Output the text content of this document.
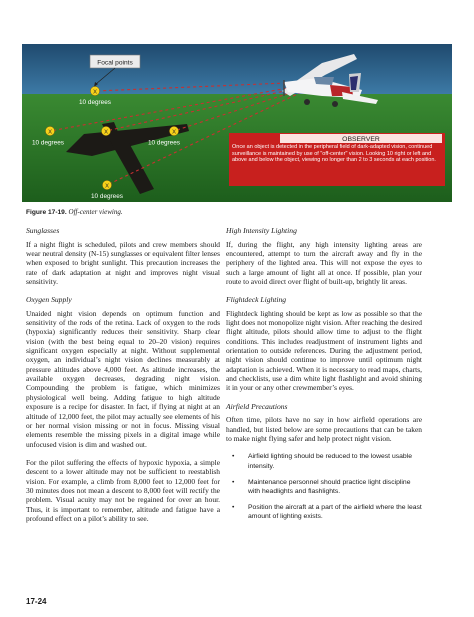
Focal points
X
10 degrees
X
10 degrees
X	X
10 degrees
X
10 degrees
OBSERVER
Once an object is detected in the peripheral field of dark-adapted vision, continued surveillance is maintained by use of "off-center" vision. Looking 10 right or left and above and below the object, viewing no longer than 2 to 3 seconds at each position.
Figure 17-19. Off-center viewing.
Sunglasses

If a night flight is scheduled, pilots and crew members should wear neutral density (N-15) sunglasses or equivalent filter lenses when exposed to bright sunlight. This precaution increases the rate of dark adaptation at night and improves night visual sensitivity.

Oxygen Supply

Unaided night vision depends on optimum function and sensitivity of the rods of the retina. Lack of oxygen to the rods (hypoxia) significantly reduces their sensitivity. Sharp clear vision (with the best being equal to 20–20 vision) requires significant oxygen especially at night. Without supplemental oxygen, an individual’s night vision declines measurably at pressure altitudes above 4,000 feet. As altitude increases, the available oxygen decreases, degrading night vision. Compounding the problem is fatigue, which minimizes physiological well being. Adding fatigue to high altitude exposure is a recipe for disaster. In fact, if flying at night at an altitude of 12,000 feet, the pilot may actually see elements of his or her normal vision missing or not in focus. Missing visual elements resemble the missing pixels in a digital image while unfocused vision is dim and washed out.

For the pilot suffering the effects of hypoxic hypoxia, a simple descent to a lower altitude may not be sufficient to reestablish vision. For example, a climb from 8,000 feet to 12,000 feet for 30 minutes does not mean a descent to 8,000 feet will rectify the problem. Visual acuity may not be regained for over an hour. Thus, it is important to remember, altitude and fatigue have a profound effect on a pilot’s ability to see.

High Intensity Lighting

If, during the flight, any high intensity lighting areas are encountered, attempt to turn the aircraft away and fly in the periphery of the lighted area. This will not expose the eyes to such a large amount of light all at once. If possible, plan your route to avoid direct over flight of built-up, brightly lit areas.

Flightdeck Lighting

Flightdeck lighting should be kept as low as possible so that the light does not monopolize night vision. After reaching the desired flight altitude, pilots should allow time to adjust to the flight conditions. This includes readjustment of instrument lights and orientation to outside references. During the adjustment period, night vision should continue to improve until optimum night adaptation is achieved. When it is necessary to read maps, charts, and checklists, use a dim white light flashlight and avoid shining it in your or any other crewmember’s eyes.

Airfield Precautions

Often time, pilots have no say in how airfield operations are handled, but listed below are some precautions that can be taken to make night flying safer and help protect night vision.

• Airfield lighting should be reduced to the lowest usable intensity.
• Maintenance personnel should practice light discipline with headlights and flashlights.
• Position the aircraft at a part of the airfield where the least amount of lighting exists.
17-24
